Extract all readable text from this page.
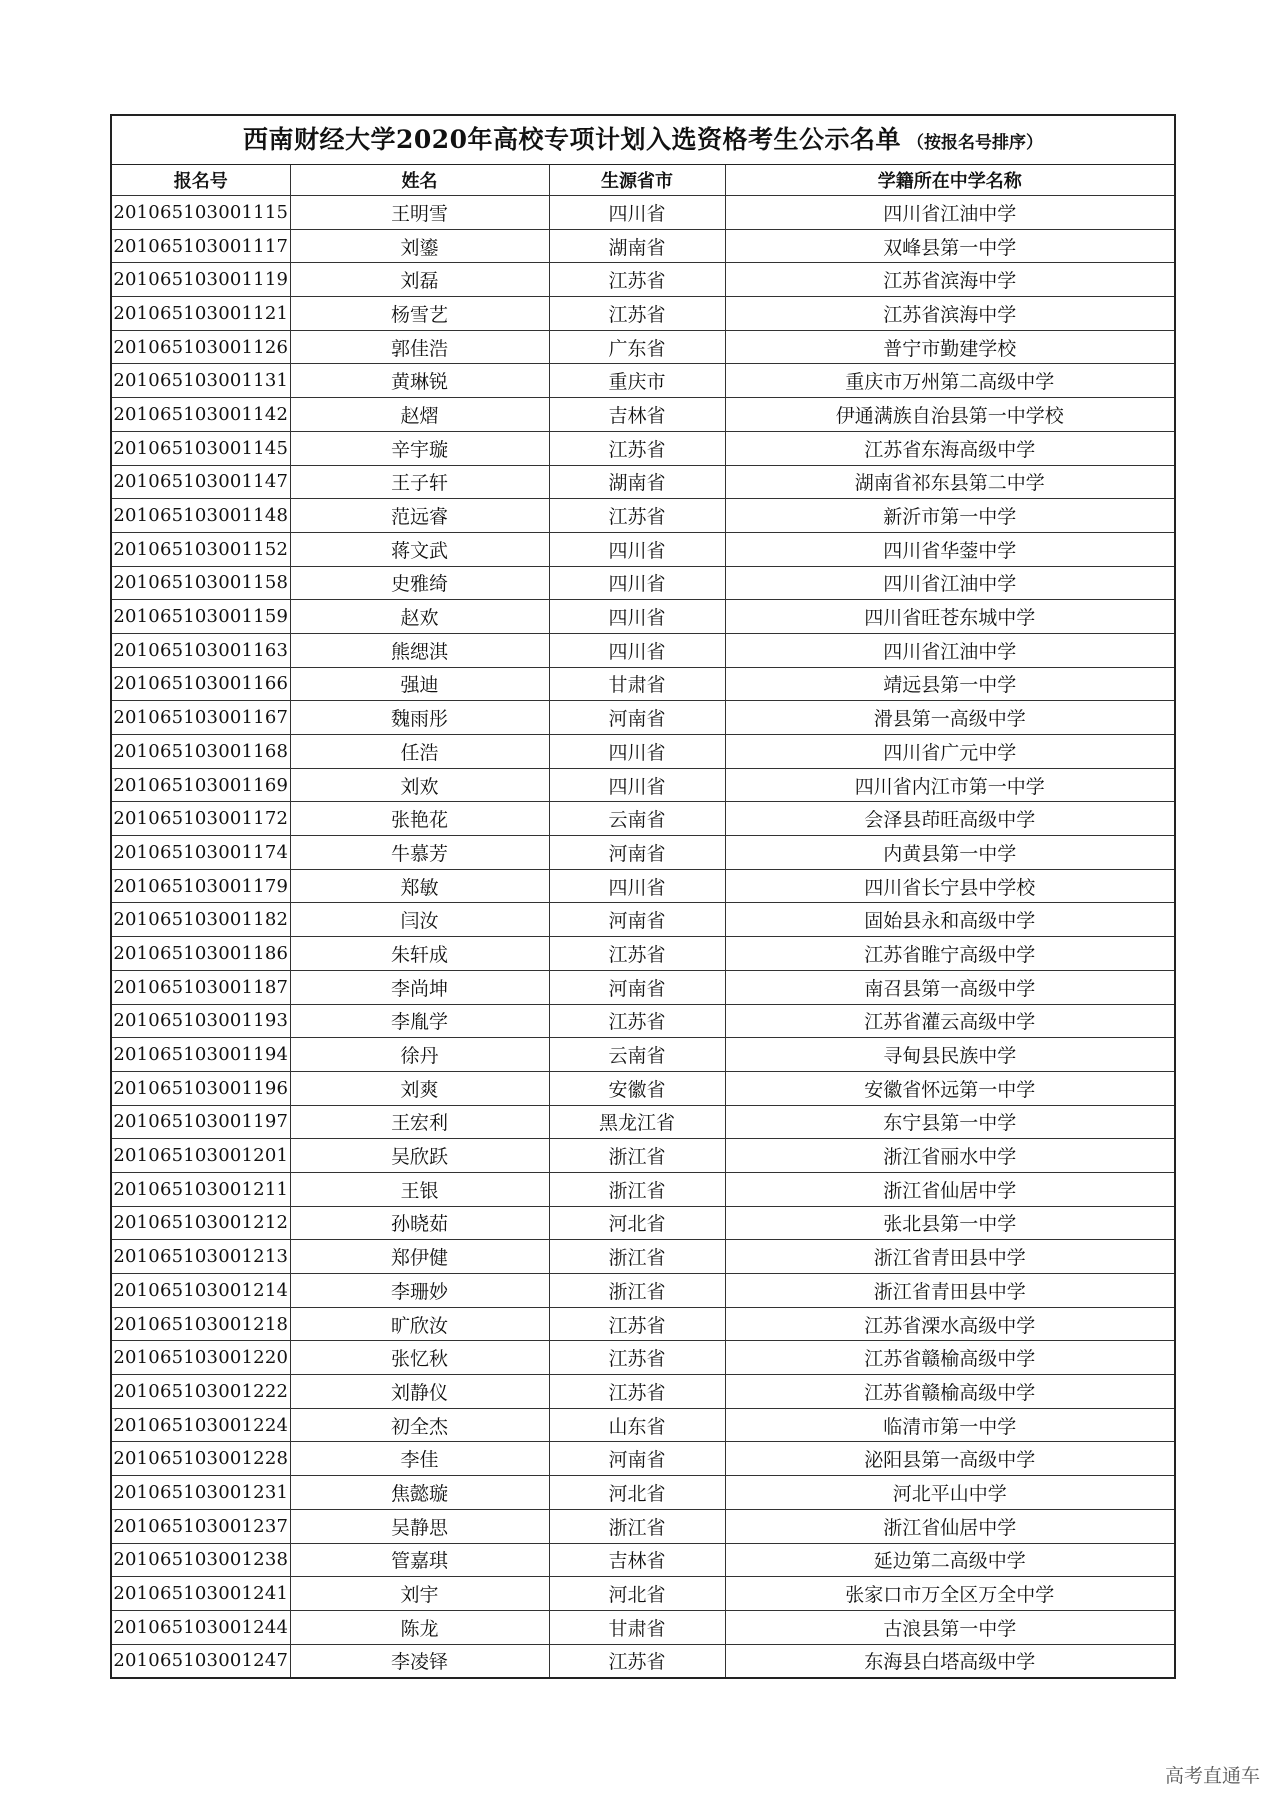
西南财经大学2020年高校专项计划入选资格考生公示名单 （按报名号排序）
报名号	姓名	生源省市	学籍所在中学名称
201065103001115	王明雪	四川省	四川省江油中学
201065103001117	刘鎏	湖南省	双峰县第一中学
201065103001119	刘磊	江苏省	江苏省滨海中学
201065103001121	杨雪艺	江苏省	江苏省滨海中学
201065103001126	郭佳浩	广东省	普宁市勤建学校
201065103001131	黄琳锐	重庆市	重庆市万州第二高级中学
201065103001142	赵熠	吉林省	伊通满族自治县第一中学校
201065103001145	辛宇璇	江苏省	江苏省东海高级中学
201065103001147	王子轩	湖南省	湖南省祁东县第二中学
201065103001148	范远睿	江苏省	新沂市第一中学
201065103001152	蒋文武	四川省	四川省华蓥中学
201065103001158	史雅绮	四川省	四川省江油中学
201065103001159	赵欢	四川省	四川省旺苍东城中学
201065103001163	熊缌淇	四川省	四川省江油中学
201065103001166	强迪	甘肃省	靖远县第一中学
201065103001167	魏雨彤	河南省	滑县第一高级中学
201065103001168	任浩	四川省	四川省广元中学
201065103001169	刘欢	四川省	四川省内江市第一中学
201065103001172	张艳花	云南省	会泽县茚旺高级中学
201065103001174	牛慕芳	河南省	内黄县第一中学
201065103001179	郑敏	四川省	四川省长宁县中学校
201065103001182	闫汝	河南省	固始县永和高级中学
201065103001186	朱轩成	江苏省	江苏省睢宁高级中学
201065103001187	李尚坤	河南省	南召县第一高级中学
201065103001193	李胤学	江苏省	江苏省灌云高级中学
201065103001194	徐丹	云南省	寻甸县民族中学
201065103001196	刘爽	安徽省	安徽省怀远第一中学
201065103001197	王宏利	黑龙江省	东宁县第一中学
201065103001201	吴欣跃	浙江省	浙江省丽水中学
201065103001211	王银	浙江省	浙江省仙居中学
201065103001212	孙晓茹	河北省	张北县第一中学
201065103001213	郑伊健	浙江省	浙江省青田县中学
201065103001214	李珊妙	浙江省	浙江省青田县中学
201065103001218	旷欣汝	江苏省	江苏省溧水高级中学
201065103001220	张忆秋	江苏省	江苏省赣榆高级中学
201065103001222	刘静仪	江苏省	江苏省赣榆高级中学
201065103001224	初全杰	山东省	临清市第一中学
201065103001228	李佳	河南省	泌阳县第一高级中学
201065103001231	焦懿璇	河北省	河北平山中学
201065103001237	吴静思	浙江省	浙江省仙居中学
201065103001238	管嘉琪	吉林省	延边第二高级中学
201065103001241	刘宇	河北省	张家口市万全区万全中学
201065103001244	陈龙	甘肃省	古浪县第一中学
201065103001247	李凌铎	江苏省	东海县白塔高级中学
高考直通车
